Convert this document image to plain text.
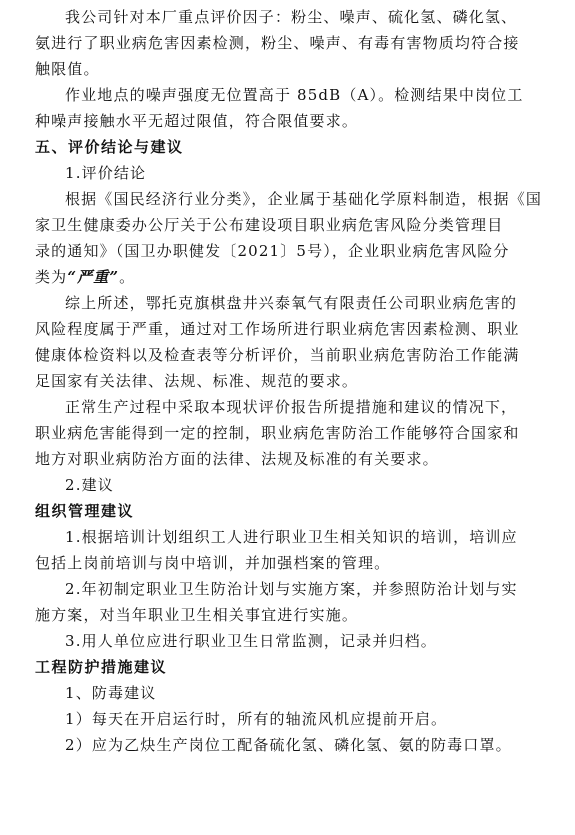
我公司针对本厂重点评价因子：粉尘、噪声、硫化氢、磷化氢、
氨进行了职业病危害因素检测，粉尘、噪声、有毒有害物质均符合接
触限值。
作业地点的噪声强度无位置高于 85dB（A）。检测结果中岗位工
种噪声接触水平无超过限值，符合限值要求。
五、评价结论与建议
1.评价结论
根据《国民经济行业分类》，企业属于基础化学原料制造，根据《国
家卫生健康委办公厅关于公布建设项目职业病危害风险分类管理目
录的通知》（国卫办职健发〔2021〕5号），企业职业病危害风险分
类为“严重”。
综上所述，鄂托克旗棋盘井兴泰氧气有限责任公司职业病危害的
风险程度属于严重，通过对工作场所进行职业病危害因素检测、职业
健康体检资料以及检查表等分析评价，当前职业病危害防治工作能满
足国家有关法律、法规、标准、规范的要求。
正常生产过程中采取本现状评价报告所提措施和建议的情况下，
职业病危害能得到一定的控制，职业病危害防治工作能够符合国家和
地方对职业病防治方面的法律、法规及标准的有关要求。
2.建议
组织管理建议
1.根据培训计划组织工人进行职业卫生相关知识的培训，培训应
包括上岗前培训与岗中培训，并加强档案的管理。
2.年初制定职业卫生防治计划与实施方案，并参照防治计划与实
施方案，对当年职业卫生相关事宜进行实施。
3.用人单位应进行职业卫生日常监测，记录并归档。
工程防护措施建议
1、防毒建议
1）每天在开启运行时，所有的轴流风机应提前开启。
2）应为乙炔生产岗位工配备硫化氢、磷化氢、氨的防毒口罩。
